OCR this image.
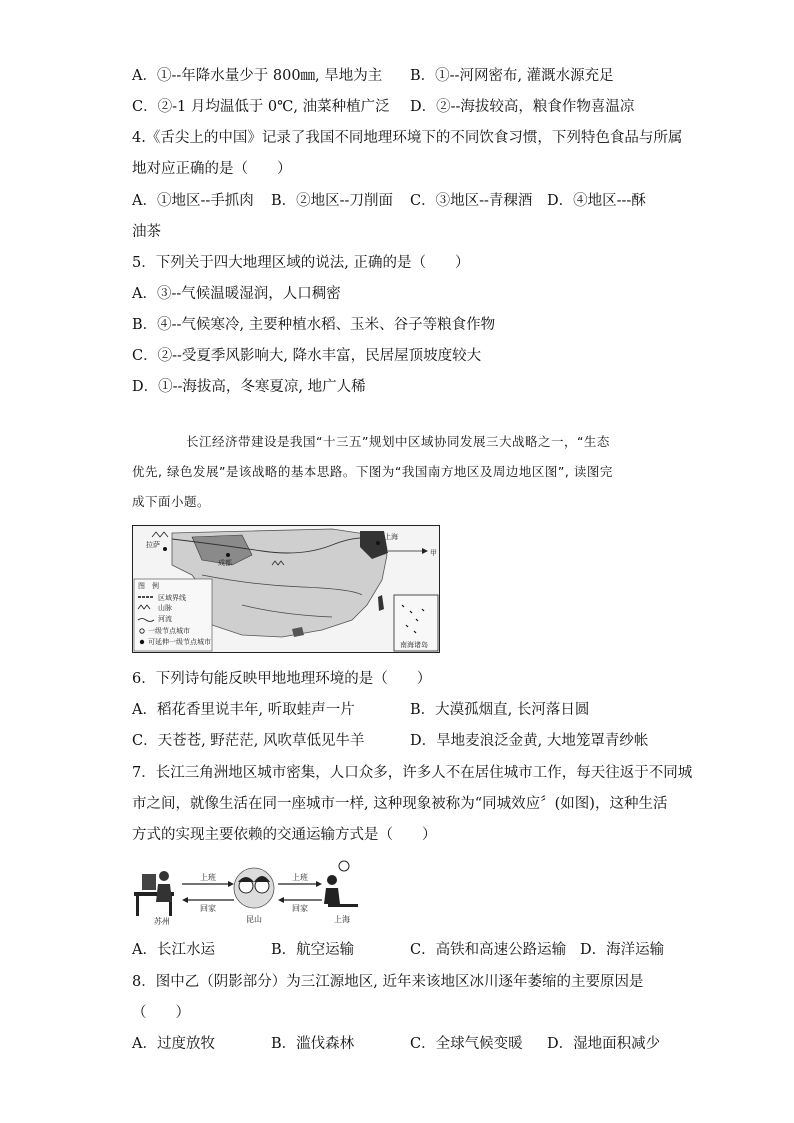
A．①--年降水量少于 800㎜, 旱地为主 B．①--河网密布, 灌溉水源充足
C．②-1 月均温低于 0℃, 油菜种植广泛 D．②--海拔较高，粮食作物喜温凉
4.《舌尖上的中国》记录了我国不同地理环境下的不同饮食习惯，下列特色食品与所属
地对应正确的是（　　）
A．①地区--手抓肉 B．②地区--刀削面 C．③地区--青稞酒 D．④地区---酥
油茶
5．下列关于四大地理区域的说法, 正确的是（　　）
A．③--气候温暖湿润，人口稠密
B．④--气候寒冷, 主要种植水稻、玉米、谷子等粮食作物
C．②--受夏季风影响大, 降水丰富，民居屋顶坡度较大
D．①--海拔高，冬寒夏凉, 地广人稀
长江经济带建设是我国“十三五”规划中区域协同发展三大战略之一，“生态
优先, 绿色发展”是该战略的基本思路。下图为“我国南方地区及周边地区图”, 读图完
成下面小题。
拉萨
成都
上海
甲
图　例
区域界线
山脉
河流
一级节点城市
可延伸一级节点城市	南海诸岛
6．下列诗句能反映甲地地理环境的是（　　）
A．稻花香里说丰年, 听取蛙声一片	B．大漠孤烟直, 长河落日圆
C．天苍苍, 野茫茫, 风吹草低见牛羊	D．旱地麦浪泛金黄, 大地笼罩青纱帐
7．长江三角洲地区城市密集，人口众多，许多人不在居住城市工作，每天往返于不同城
市之间，就像生活在同一座城市一样, 这种现象被称为“同城效应〞(如图)，这种生活
方式的实现主要依赖的交通运输方式是（　　）
上班
回家
上班
回家
苏州	昆山	上海
A．长江水运	B．航空运输	C．高铁和高速公路运输 D．海洋运输
8．图中乙（阴影部分）为三江源地区, 近年来该地区冰川逐年萎缩的主要原因是
（　　）
A．过度放牧	B．滥伐森林	C．全球气候变暖 D．湿地面积减少
